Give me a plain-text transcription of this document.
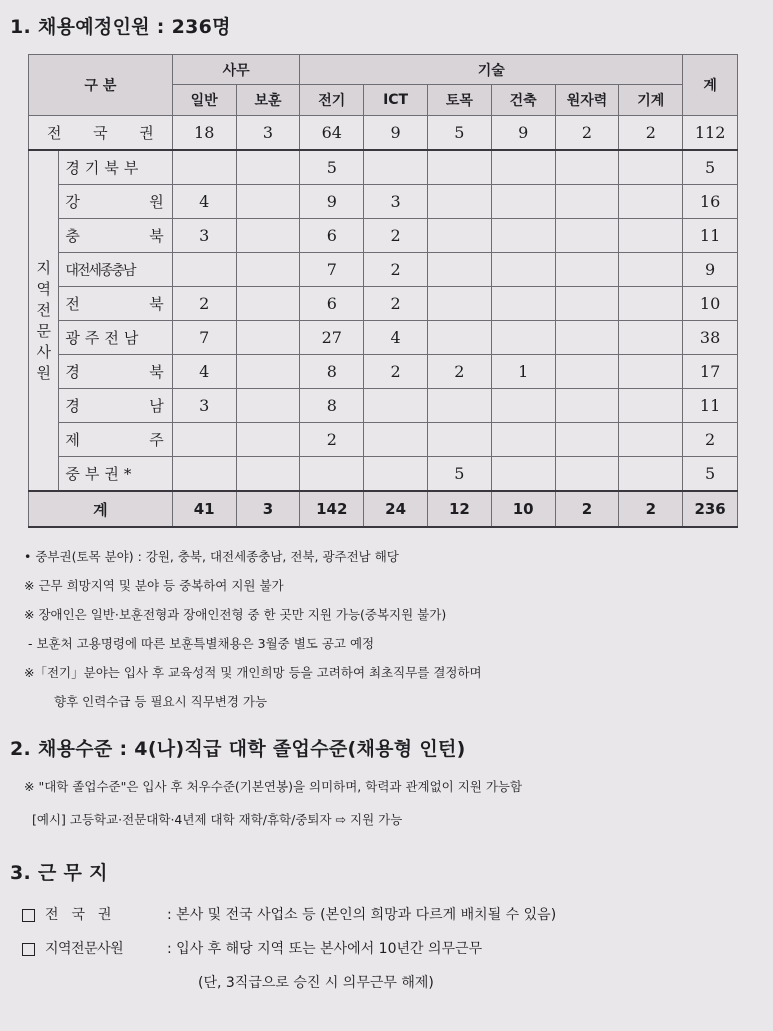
1. 채용예정인원 : 236명
구 분		사무		기술						계
		일반	보훈	전기	ICT	토목	건축	원자력	기계	
전 국 권		18	3	64	9	5	9	2	2	112
지역전문사원	경기북부			5						5
	강 원	4		9	3					16
	충 북	3		6	2					11
	대전세종충남			7	2					9
	전 북	2		6	2					10
	광주전남	7		27	4					38
	경 북	4		8	2	2	1			17
	경 남	3		8						11
	제 주			2						2
	중부권*					5				5
계		41	3	142	24	12	10	2	2	236
• 중부권(토목 분야) : 강원, 충북, 대전세종충남, 전북, 광주전남 해당
※ 근무 희망지역 및 분야 등 중복하여 지원 불가
※ 장애인은 일반·보훈전형과 장애인전형 중 한 곳만 지원 가능(중복지원 불가)
- 보훈처 고용명령에 따른 보훈특별채용은 3월중 별도 공고 예정
※「전기」분야는 입사 후 교육성적 및 개인희망 등을 고려하여 최초직무를 결정하며
향후 인력수급 등 필요시 직무변경 가능
2. 채용수준 : 4(나)직급 대학 졸업수준(채용형 인턴)
※ "대학 졸업수준"은 입사 후 처우수준(기본연봉)을 의미하며, 학력과 관계없이 지원 가능함
[예시] 고등학교·전문대학·4년제 대학 재학/휴학/중퇴자 ⇨ 지원 가능
3. 근 무 지
전국권	: 본사 및 전국 사업소 등 (본인의 희망과 다르게 배치될 수 있음)
지역전문사원	: 입사 후 해당 지역 또는 본사에서 10년간 의무근무
(단, 3직급으로 승진 시 의무근무 해제)
